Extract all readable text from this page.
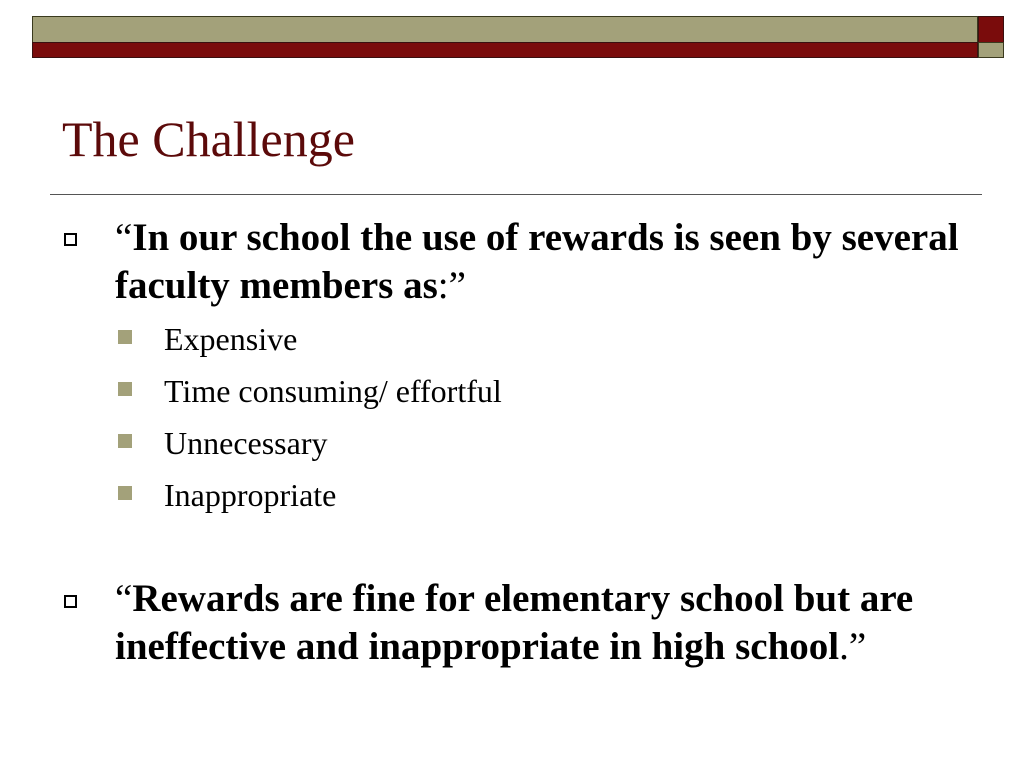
The Challenge
“In our school the use of rewards is seen by several faculty members as:”
Expensive
Time consuming/ effortful
Unnecessary
Inappropriate
“Rewards are fine for elementary school but are ineffective and inappropriate in high school.”
